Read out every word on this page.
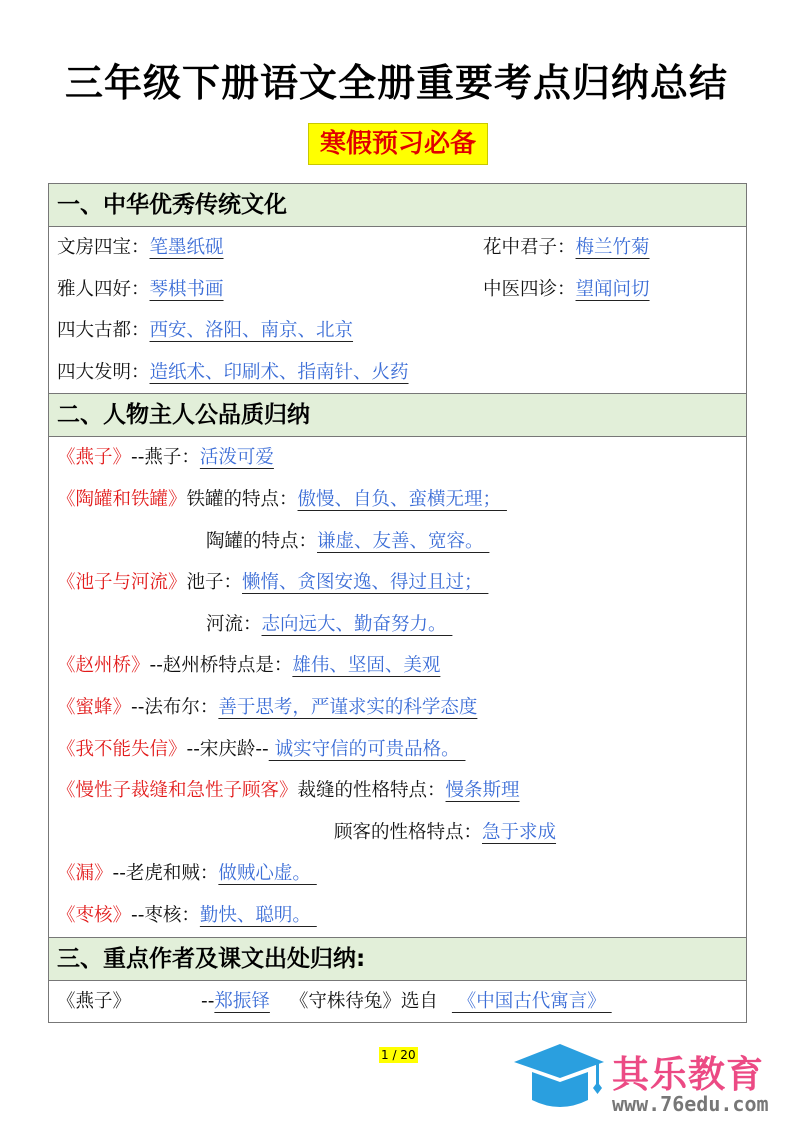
三年级下册语文全册重要考点归纳总结
寒假预习必备
一、中华优秀传统文化
文房四宝：笔墨纸砚	花中君子：梅兰竹菊
雅人四好：琴棋书画	中医四诊：望闻问切
四大古都：西安、洛阳、南京、北京
四大发明：造纸术、印刷术、指南针、火药
二、人物主人公品质归纳
《燕子》--燕子：活泼可爱
《陶罐和铁罐》铁罐的特点：傲慢、自负、蛮横无理；
陶罐的特点：谦虚、友善、宽容。
《池子与河流》池子：懒惰、贪图安逸、得过且过；
河流：志向远大、勤奋努力。
《赵州桥》--赵州桥特点是：雄伟、坚固、美观
《蜜蜂》--法布尔：善于思考，严谨求实的科学态度
《我不能失信》--宋庆龄-- 诚实守信的可贵品格。
《慢性子裁缝和急性子顾客》裁缝的性格特点：慢条斯理
顾客的性格特点：急于求成
《漏》--老虎和贼：做贼心虚。
《枣核》--枣核：勤快、聪明。
三、重点作者及课文出处归纳:
《燕子》	--郑振铎 《守株待兔》选自 《中国古代寓言》
1 / 20	其乐教育
www.76edu.com
